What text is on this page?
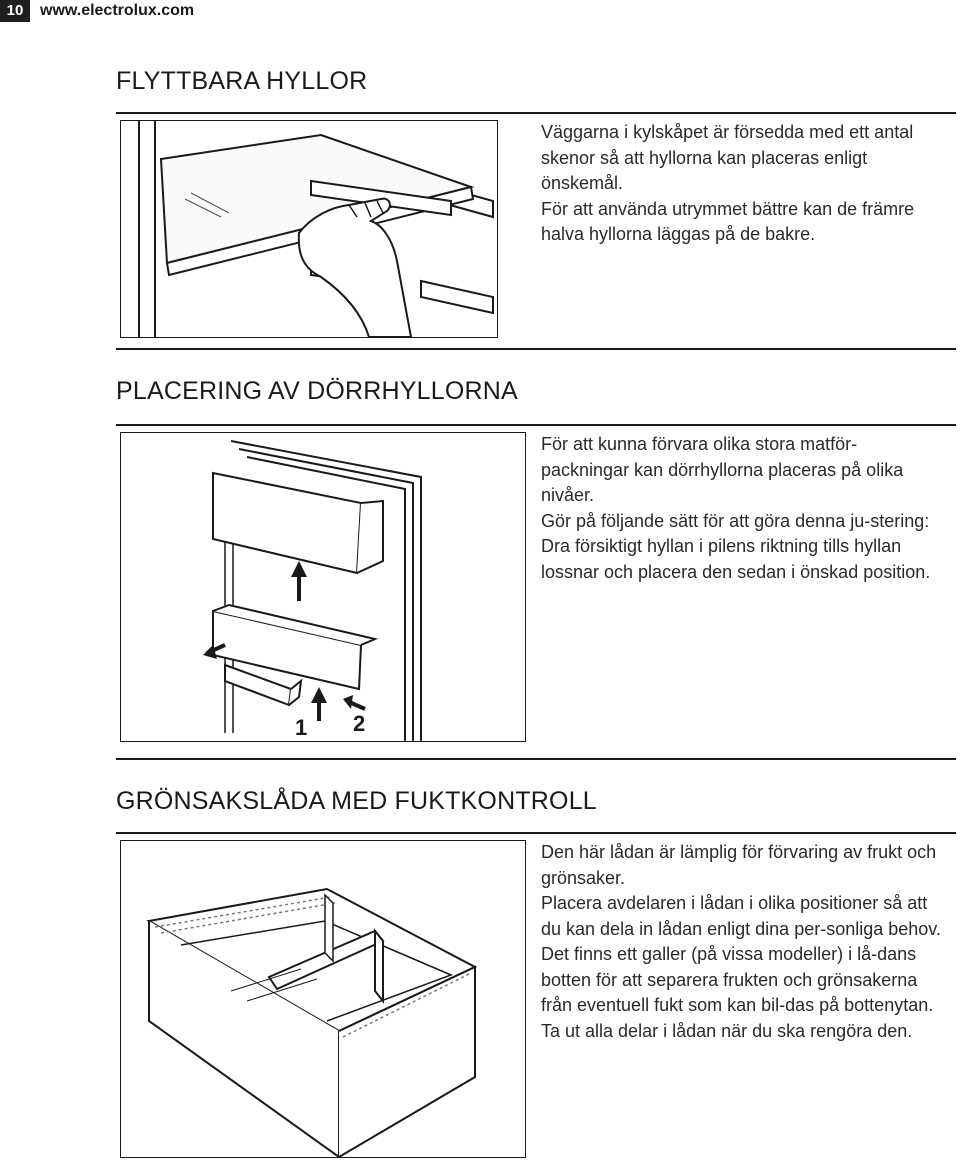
10	www.electrolux.com
FLYTTBARA HYLLOR

Väggarna i kylskåpet är försedda med ett antal skenor så att hyllorna kan placeras enligt önskemål.

För att använda utrymmet bättre kan de främre halva hyllorna läggas på de bakre.

PLACERING AV DÖRRHYLLORNA
1 2

För att kunna förvara olika stora matför-packningar kan dörrhyllorna placeras på olika nivåer.

Gör på följande sätt för att göra denna ju-stering: Dra försiktigt hyllan i pilens riktning tills hyllan lossnar och placera den sedan i önskad position.

GRÖNSAKSLÅDA MED FUKTKONTROLL

Den här lådan är lämplig för förvaring av frukt och grönsaker.

Placera avdelaren i lådan i olika positioner så att du kan dela in lådan enligt dina per-sonliga behov.

Det finns ett galler (på vissa modeller) i lå-dans botten för att separera frukten och grönsakerna från eventuell fukt som kan bil-das på bottenytan.

Ta ut alla delar i lådan när du ska rengöra den.
